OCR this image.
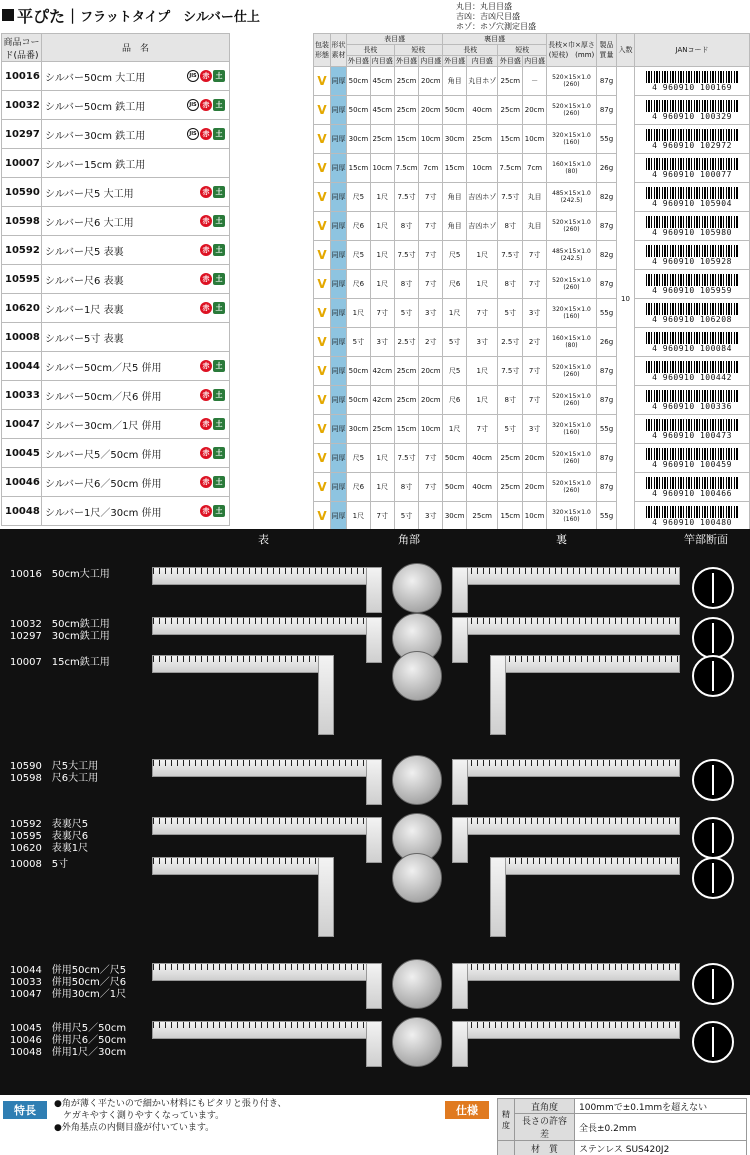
平ぴた | フラットタイプ　シルバー仕上
丸目：丸目目盛
吉凶：吉凶尺目盛
ホゾ：ホゾ穴測定目盛
商品コード(品番)	品　名
10016	シルバー50cm 大工用 JIS 赤 土

10032	シルバー50cm 鉄工用 JIS 赤 土

10297	シルバー30cm 鉄工用 JIS 赤 土

10007	シルバー15cm 鉄工用

10590	シルバー尺5 大工用 赤 土

10598	シルバー尺6 大工用 赤 土

10592	シルバー尺5 表裏 赤 土

10595	シルバー尺6 表裏 赤 土

10620	シルバー1尺 表裏 赤 土

10008	シルバー5寸 表裏

10044	シルバー50cm／尺5 併用 赤 土

10033	シルバー50cm／尺6 併用 赤 土

10047	シルバー30cm／1尺 併用 赤 土

10045	シルバー尺5／50cm 併用 赤 土

10046	シルバー尺6／50cm 併用 赤 土

10048	シルバー1尺／30cm 併用 赤 土
包装形態	形状素材	表目盛				裏目盛				長枝×巾×厚さ(短枝)　(mm)	製品質量	入数	JANコード
		長枝		短枝		長枝		短枝					
		外目盛	内目盛	外目盛	内目盛	外目盛	内目盛	外目盛	内目盛				
V	同厚	50cm	45cm	25cm	20cm	角目	丸目ホゾ	25cm	－	520×15×1.0
(260)	87g	10	4 960910 100169

V	同厚	50cm	45cm	25cm	20cm	50cm	40cm	25cm	20cm	520×15×1.0
(260)	87g		4 960910 100329

V	同厚	30cm	25cm	15cm	10cm	30cm	25cm	15cm	10cm	320×15×1.0
(160)	55g		4 960910 102972

V	同厚	15cm	10cm	7.5cm	7cm	15cm	10cm	7.5cm	7cm	160×15×1.0
(80)	26g		4 960910 100077

V	同厚	尺5	1尺	7.5寸	7寸	角目	吉凶ホゾ	7.5寸	丸目	485×15×1.0
(242.5)	82g		4 960910 105904

V	同厚	尺6	1尺	8寸	7寸	角目	吉凶ホゾ	8寸	丸目	520×15×1.0
(260)	87g		4 960910 105980

V	同厚	尺5	1尺	7.5寸	7寸	尺5	1尺	7.5寸	7寸	485×15×1.0
(242.5)	82g		4 960910 105928

V	同厚	尺6	1尺	8寸	7寸	尺6	1尺	8寸	7寸	520×15×1.0
(260)	87g		4 960910 105959

V	同厚	1尺	7寸	5寸	3寸	1尺	7寸	5寸	3寸	320×15×1.0
(160)	55g		4 960910 106208

V	同厚	5寸	3寸	2.5寸	2寸	5寸	3寸	2.5寸	2寸	160×15×1.0
(80)	26g		4 960910 100084

V	同厚	50cm	42cm	25cm	20cm	尺5	1尺	7.5寸	7寸	520×15×1.0
(260)	87g		4 960910 100442

V	同厚	50cm	42cm	25cm	20cm	尺6	1尺	8寸	7寸	520×15×1.0
(260)	87g		4 960910 100336

V	同厚	30cm	25cm	15cm	10cm	1尺	7寸	5寸	3寸	320×15×1.0
(160)	55g		4 960910 100473

V	同厚	尺5	1尺	7.5寸	7寸	50cm	40cm	25cm	20cm	520×15×1.0
(260)	87g		4 960910 100459

V	同厚	尺6	1尺	8寸	7寸	50cm	40cm	25cm	20cm	520×15×1.0
(260)	87g		4 960910 100466

V	同厚	1尺	7寸	5寸	3寸	30cm	25cm	15cm	10cm	320×15×1.0
(160)	55g		4 960910 100480
表	角部	裏	竿部断面
10016　50cm大工用
10032　50cm鉄工用
10297　30cm鉄工用
10007　15cm鉄工用
10590　尺5大工用
10598　尺6大工用
10592　表裏尺5
10595　表裏尺6
10620　表裏1尺
10008　5寸
10044　併用50cm／尺5
10033　併用50cm／尺6
10047　併用30cm／1尺
10045　併用尺5／50cm
10046　併用尺6／50cm
10048　併用1尺／30cm
特長	●角が薄く平たいので細かい材料にもピタリと張り付き、
　ケガキやすく測りやすくなっています。
●外角基点の内側目盛が付いています。
仕様	精度	直角度	100mmで±0.1mmを超えない
	長さの許容差	全長±0.2mm
	材　質	ステンレス SUS420J2
